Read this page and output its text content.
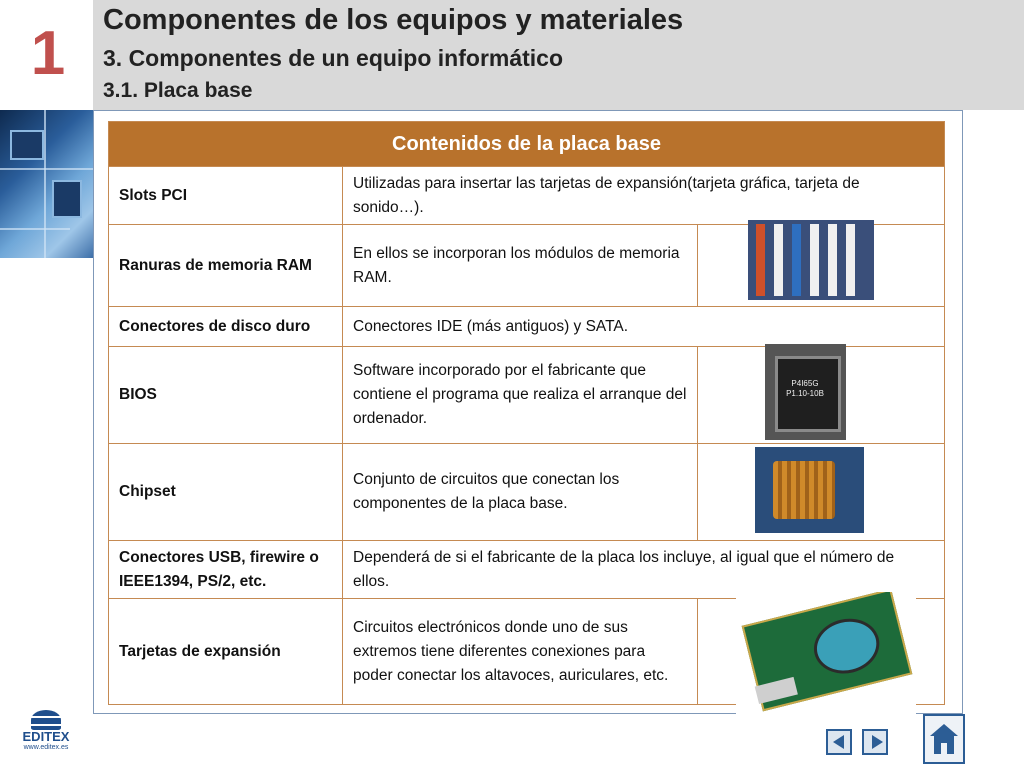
1	Componentes de los equipos y materiales
3. Componentes de un equipo informático
3.1. Placa base
Contenidos de la placa base		
Slots PCI	Utilizadas para insertar las tarjetas de expansión(tarjeta gráfica, tarjeta de sonido…).	
Ranuras de memoria RAM	En ellos se incorporan los módulos de memoria RAM.	
Conectores de disco duro	Conectores IDE (más antiguos) y SATA.	
BIOS	Software incorporado por el fabricante que contiene el programa que realiza el arranque del ordenador.	
Chipset	Conjunto de circuitos que conectan los componentes de la placa base.	
Conectores USB, firewire o IEEE1394, PS/2, etc.	Dependerá de si el fabricante de la placa los incluye, al igual que el número de ellos.	
Tarjetas de expansión	Circuitos electrónicos donde uno de sus extremos tiene diferentes conexiones para poder conectar los altavoces, auriculares, etc.	
P4I65G
P1.10-10B
EDITEX
www.editex.es
